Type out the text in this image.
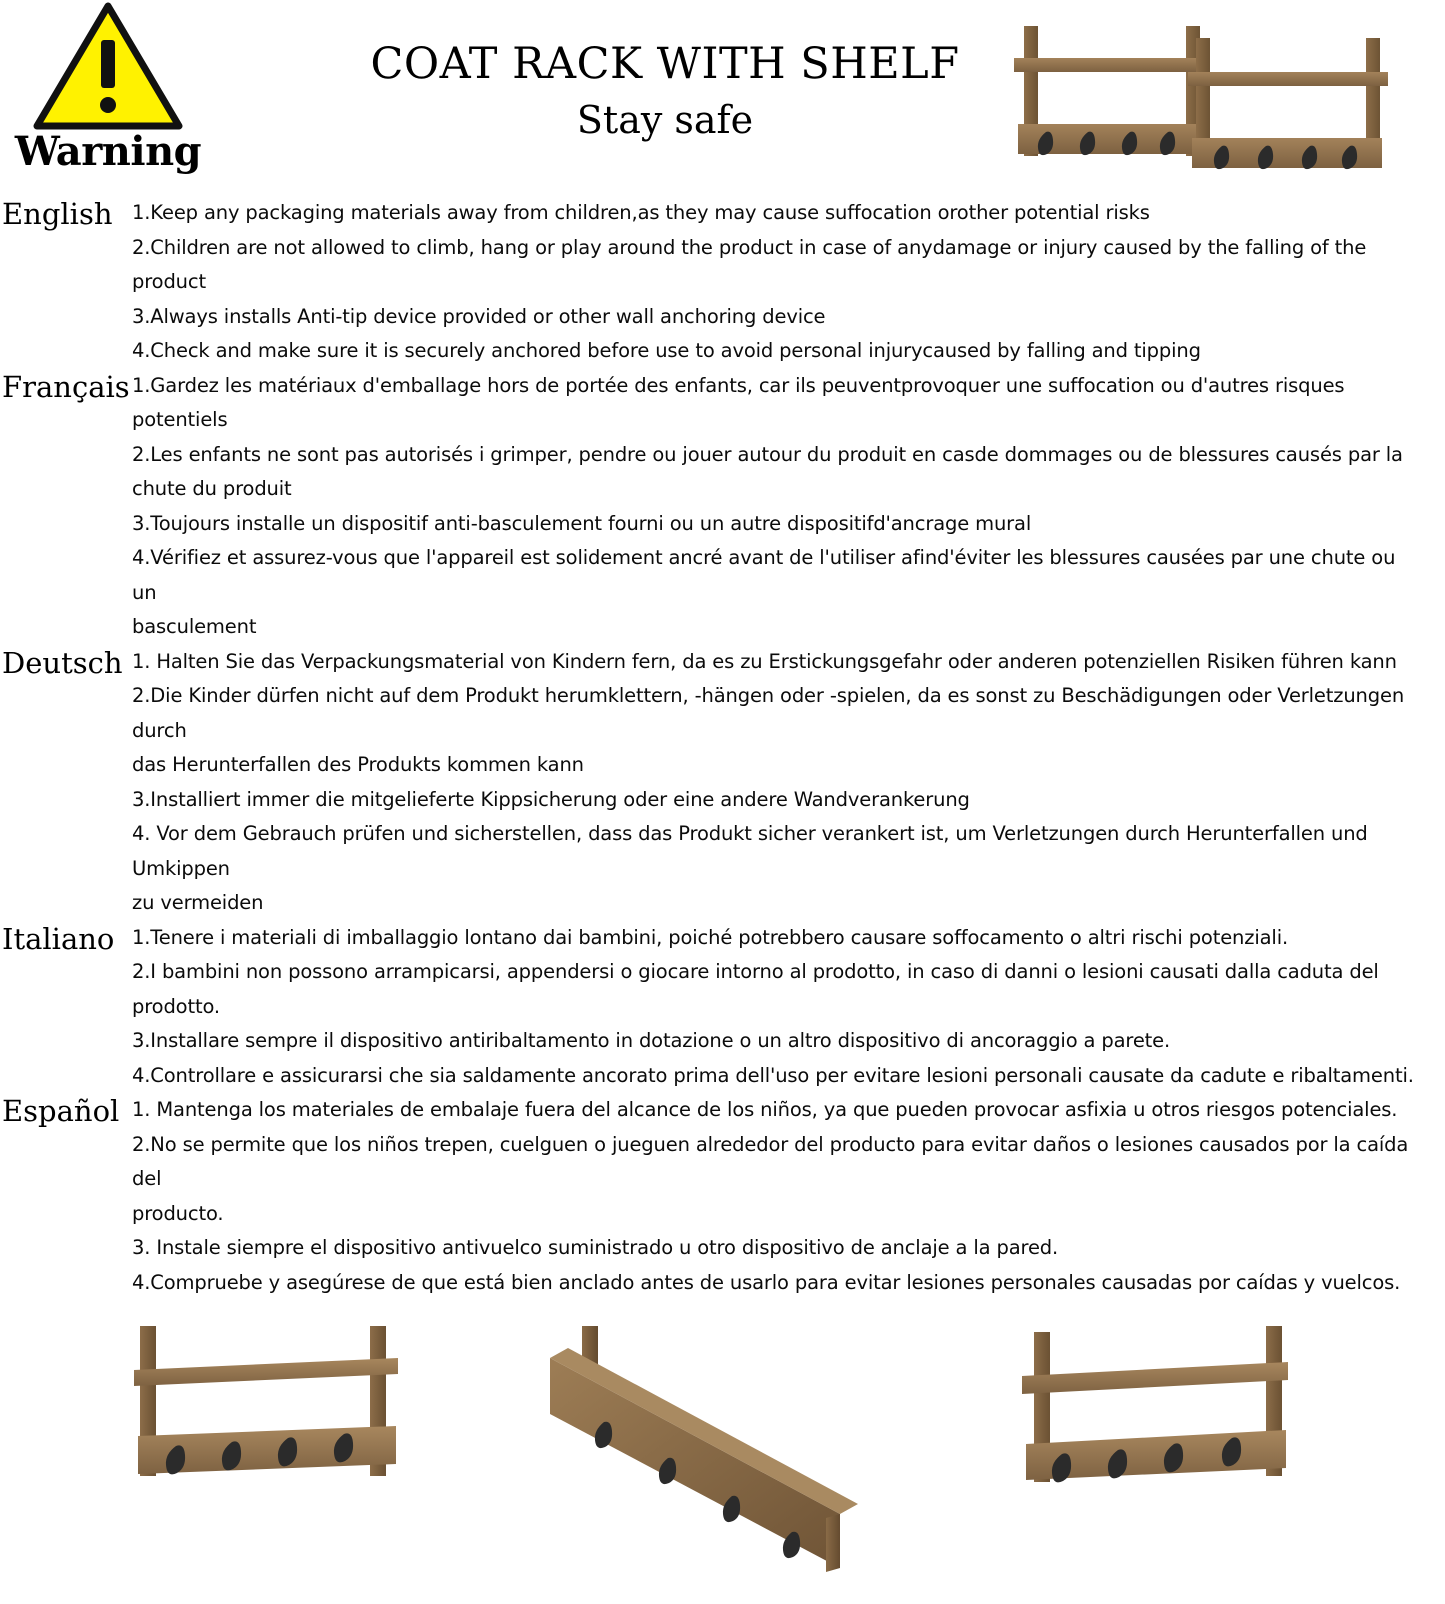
Warning
COAT RACK WITH SHELF
Stay safe
English 1.Keep any packaging materials away from children,as they may cause suffocation orother potential risks

2.Children are not allowed to climb, hang or play around the product in case of anydamage or injury caused by the falling of the product

3.Always installs Anti-tip device provided or other wall anchoring device

4.Check and make sure it is securely anchored before use to avoid personal injurycaused by falling and tipping

Français 1.Gardez les matériaux d'emballage hors de portée des enfants, car ils peuventprovoquer une suffocation ou d'autres risques potentiels

2.Les enfants ne sont pas autorisés i grimper, pendre ou jouer autour du produit en casde dommages ou de blessures causés par la

chute du produit

3.Toujours installe un dispositif anti-basculement fourni ou un autre dispositifd'ancrage mural

4.Vérifiez et assurez-vous que l'appareil est solidement ancré avant de l'utiliser afind'éviter les blessures causées par une chute ou un

basculement

Deutsch 1. Halten Sie das Verpackungsmaterial von Kindern fern, da es zu Erstickungsgefahr oder anderen potenziellen Risiken führen kann

2.Die Kinder dürfen nicht auf dem Produkt herumklettern, -hängen oder -spielen, da es sonst zu Beschädigungen oder Verletzungen durch

das Herunterfallen des Produkts kommen kann

3.Installiert immer die mitgelieferte Kippsicherung oder eine andere Wandverankerung

4. Vor dem Gebrauch prüfen und sicherstellen, dass das Produkt sicher verankert ist, um Verletzungen durch Herunterfallen und Umkippen

zu vermeiden

Italiano 1.Tenere i materiali di imballaggio lontano dai bambini, poiché potrebbero causare soffocamento o altri rischi potenziali.

2.I bambini non possono arrampicarsi, appendersi o giocare intorno al prodotto, in caso di danni o lesioni causati dalla caduta del prodotto.

3.Installare sempre il dispositivo antiribaltamento in dotazione o un altro dispositivo di ancoraggio a parete.

4.Controllare e assicurarsi che sia saldamente ancorato prima dell'uso per evitare lesioni personali causate da cadute e ribaltamenti.

Español 1. Mantenga los materiales de embalaje fuera del alcance de los niños, ya que pueden provocar asfixia u otros riesgos potenciales.

2.No se permite que los niños trepen, cuelguen o jueguen alrededor del producto para evitar daños o lesiones causados por la caída del

producto.

3. Instale siempre el dispositivo antivuelco suministrado u otro dispositivo de anclaje a la pared.

4.Compruebe y asegúrese de que está bien anclado antes de usarlo para evitar lesiones personales causadas por caídas y vuelcos.
